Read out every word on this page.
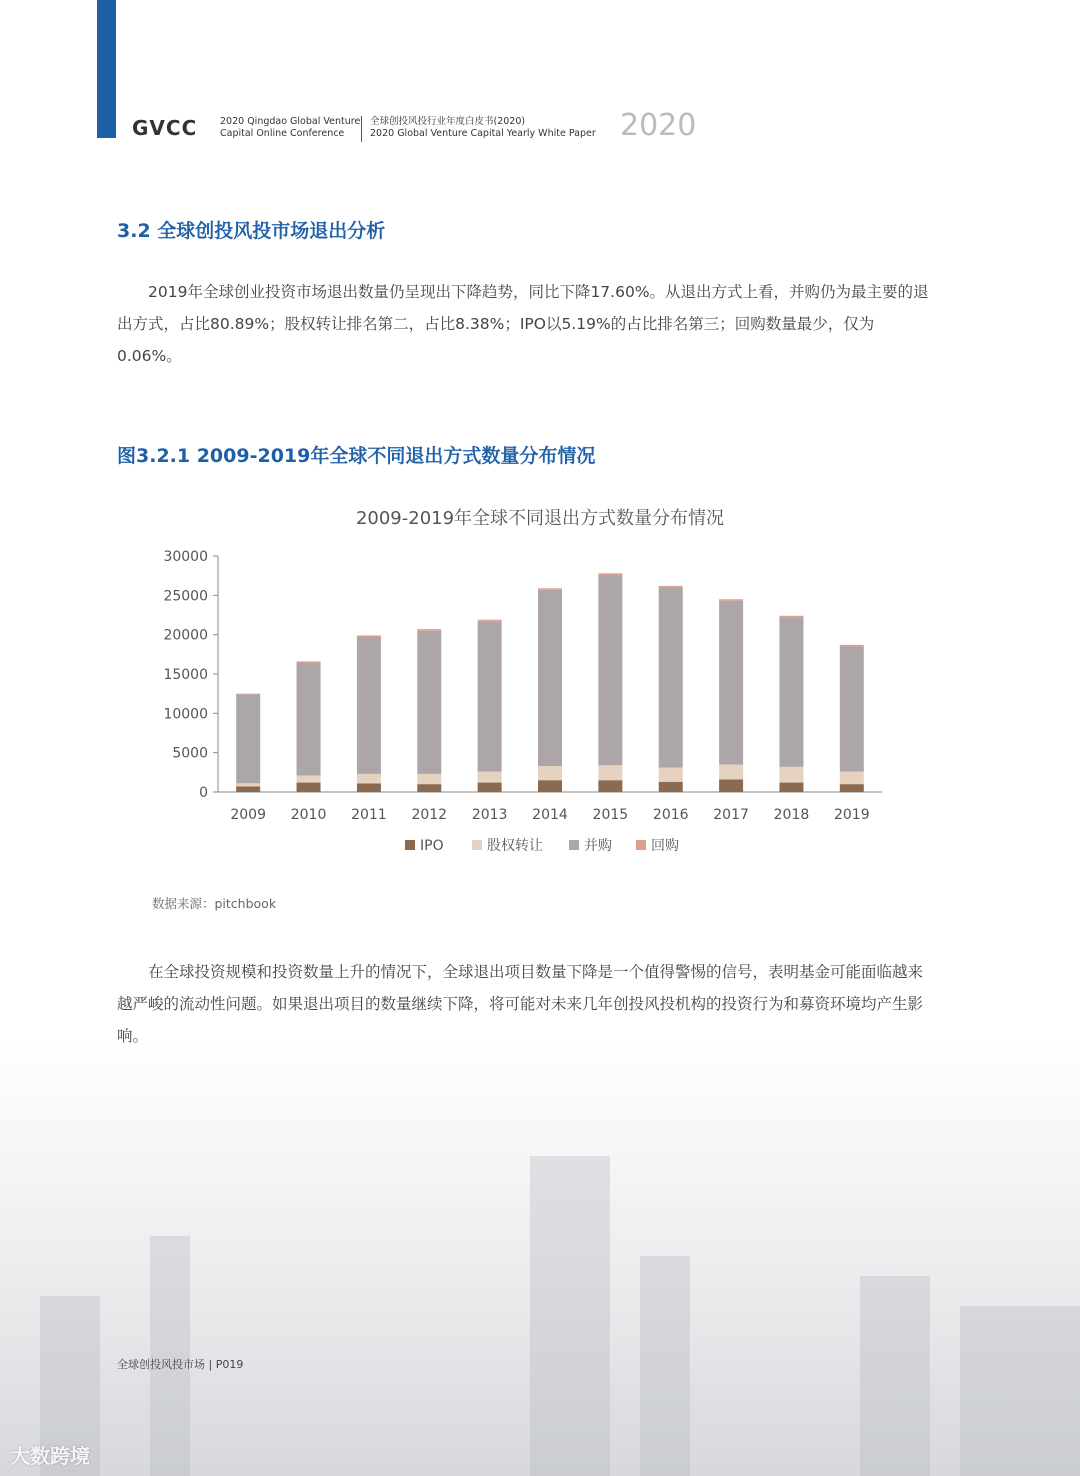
GVCC 2020 Qingdao Global Venture
Capital Online Conference
全球创投风投行业年度白皮书(2020)
2020 Global Venture Capital Yearly White Paper 2020
3.2 全球创投风投市场退出分析
2019年全球创业投资市场退出数量仍呈现出下降趋势，同比下降17.60%。从退出方式上看，并购仍为最主要的退出方式，占比80.89%；股权转让排名第二，占比8.38%；IPO以5.19%的占比排名第三；回购数量最少，仅为0.06%。
图3.2.1 2009-2019年全球不同退出方式数量分布情况
2009-2019年全球不同退出方式数量分布情况
0
5000
10000
15000
20000
25000
30000
2009 2010 2011 2012 2013 2014 2015 2016 2017 2018 2019
IPO	股权转让	并购	回购
数据来源：pitchbook
在全球投资规模和投资数量上升的情况下，全球退出项目数量下降是一个值得警惕的信号，表明基金可能面临越来越严峻的流动性问题。如果退出项目的数量继续下降，将可能对未来几年创投风投机构的投资行为和募资环境均产生影响。
全球创投风投市场 | P019
大数跨境
